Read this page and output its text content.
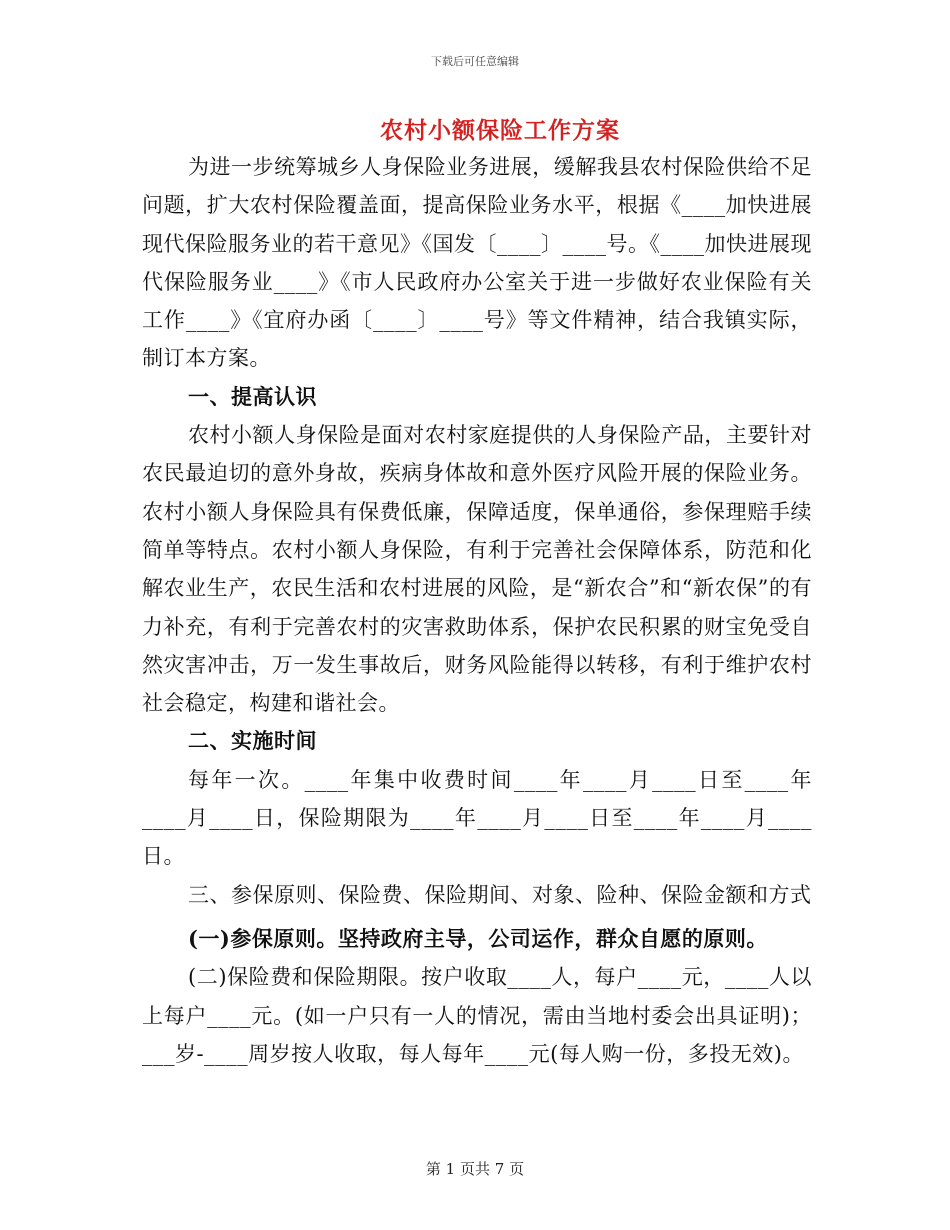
下载后可任意编辑
农村小额保险工作方案

为进一步统筹城乡人身保险业务进展，缓解我县农村保险供给不足问题，扩大农村保险覆盖面，提高保险业务水平，根据《____加快进展现代保险服务业的若干意见》《国发〔____〕____号。《____加快进展现代保险服务业____》《市人民政府办公室关于进一步做好农业保险有关工作____》《宜府办函〔____〕____号》等文件精神，结合我镇实际，制订本方案。

一、提高认识

农村小额人身保险是面对农村家庭提供的人身保险产品，主要针对农民最迫切的意外身故，疾病身体故和意外医疗风险开展的保险业务。农村小额人身保险具有保费低廉，保障适度，保单通俗，参保理赔手续简单等特点。农村小额人身保险，有利于完善社会保障体系，防范和化解农业生产，农民生活和农村进展的风险，是“新农合”和“新农保”的有力补充，有利于完善农村的灾害救助体系，保护农民积累的财宝免受自然灾害冲击，万一发生事故后，财务风险能得以转移，有利于维护农村社会稳定，构建和谐社会。

二、实施时间

每年一次。____年集中收费时间____年____月____日至____年____月____日，保险期限为____年____月____日至____年____月____日。

三、参保原则、保险费、保险期间、对象、险种、保险金额和方式

(一)参保原则。坚持政府主导，公司运作，群众自愿的原则。

(二)保险费和保险期限。按户收取____人，每户____元，____人以上每户____元。(如一户只有一人的情况，需由当地村委会出具证明)；___岁-____周岁按人收取，每人每年____元(每人购一份，多投无效)。

第 1 页共 7 页
